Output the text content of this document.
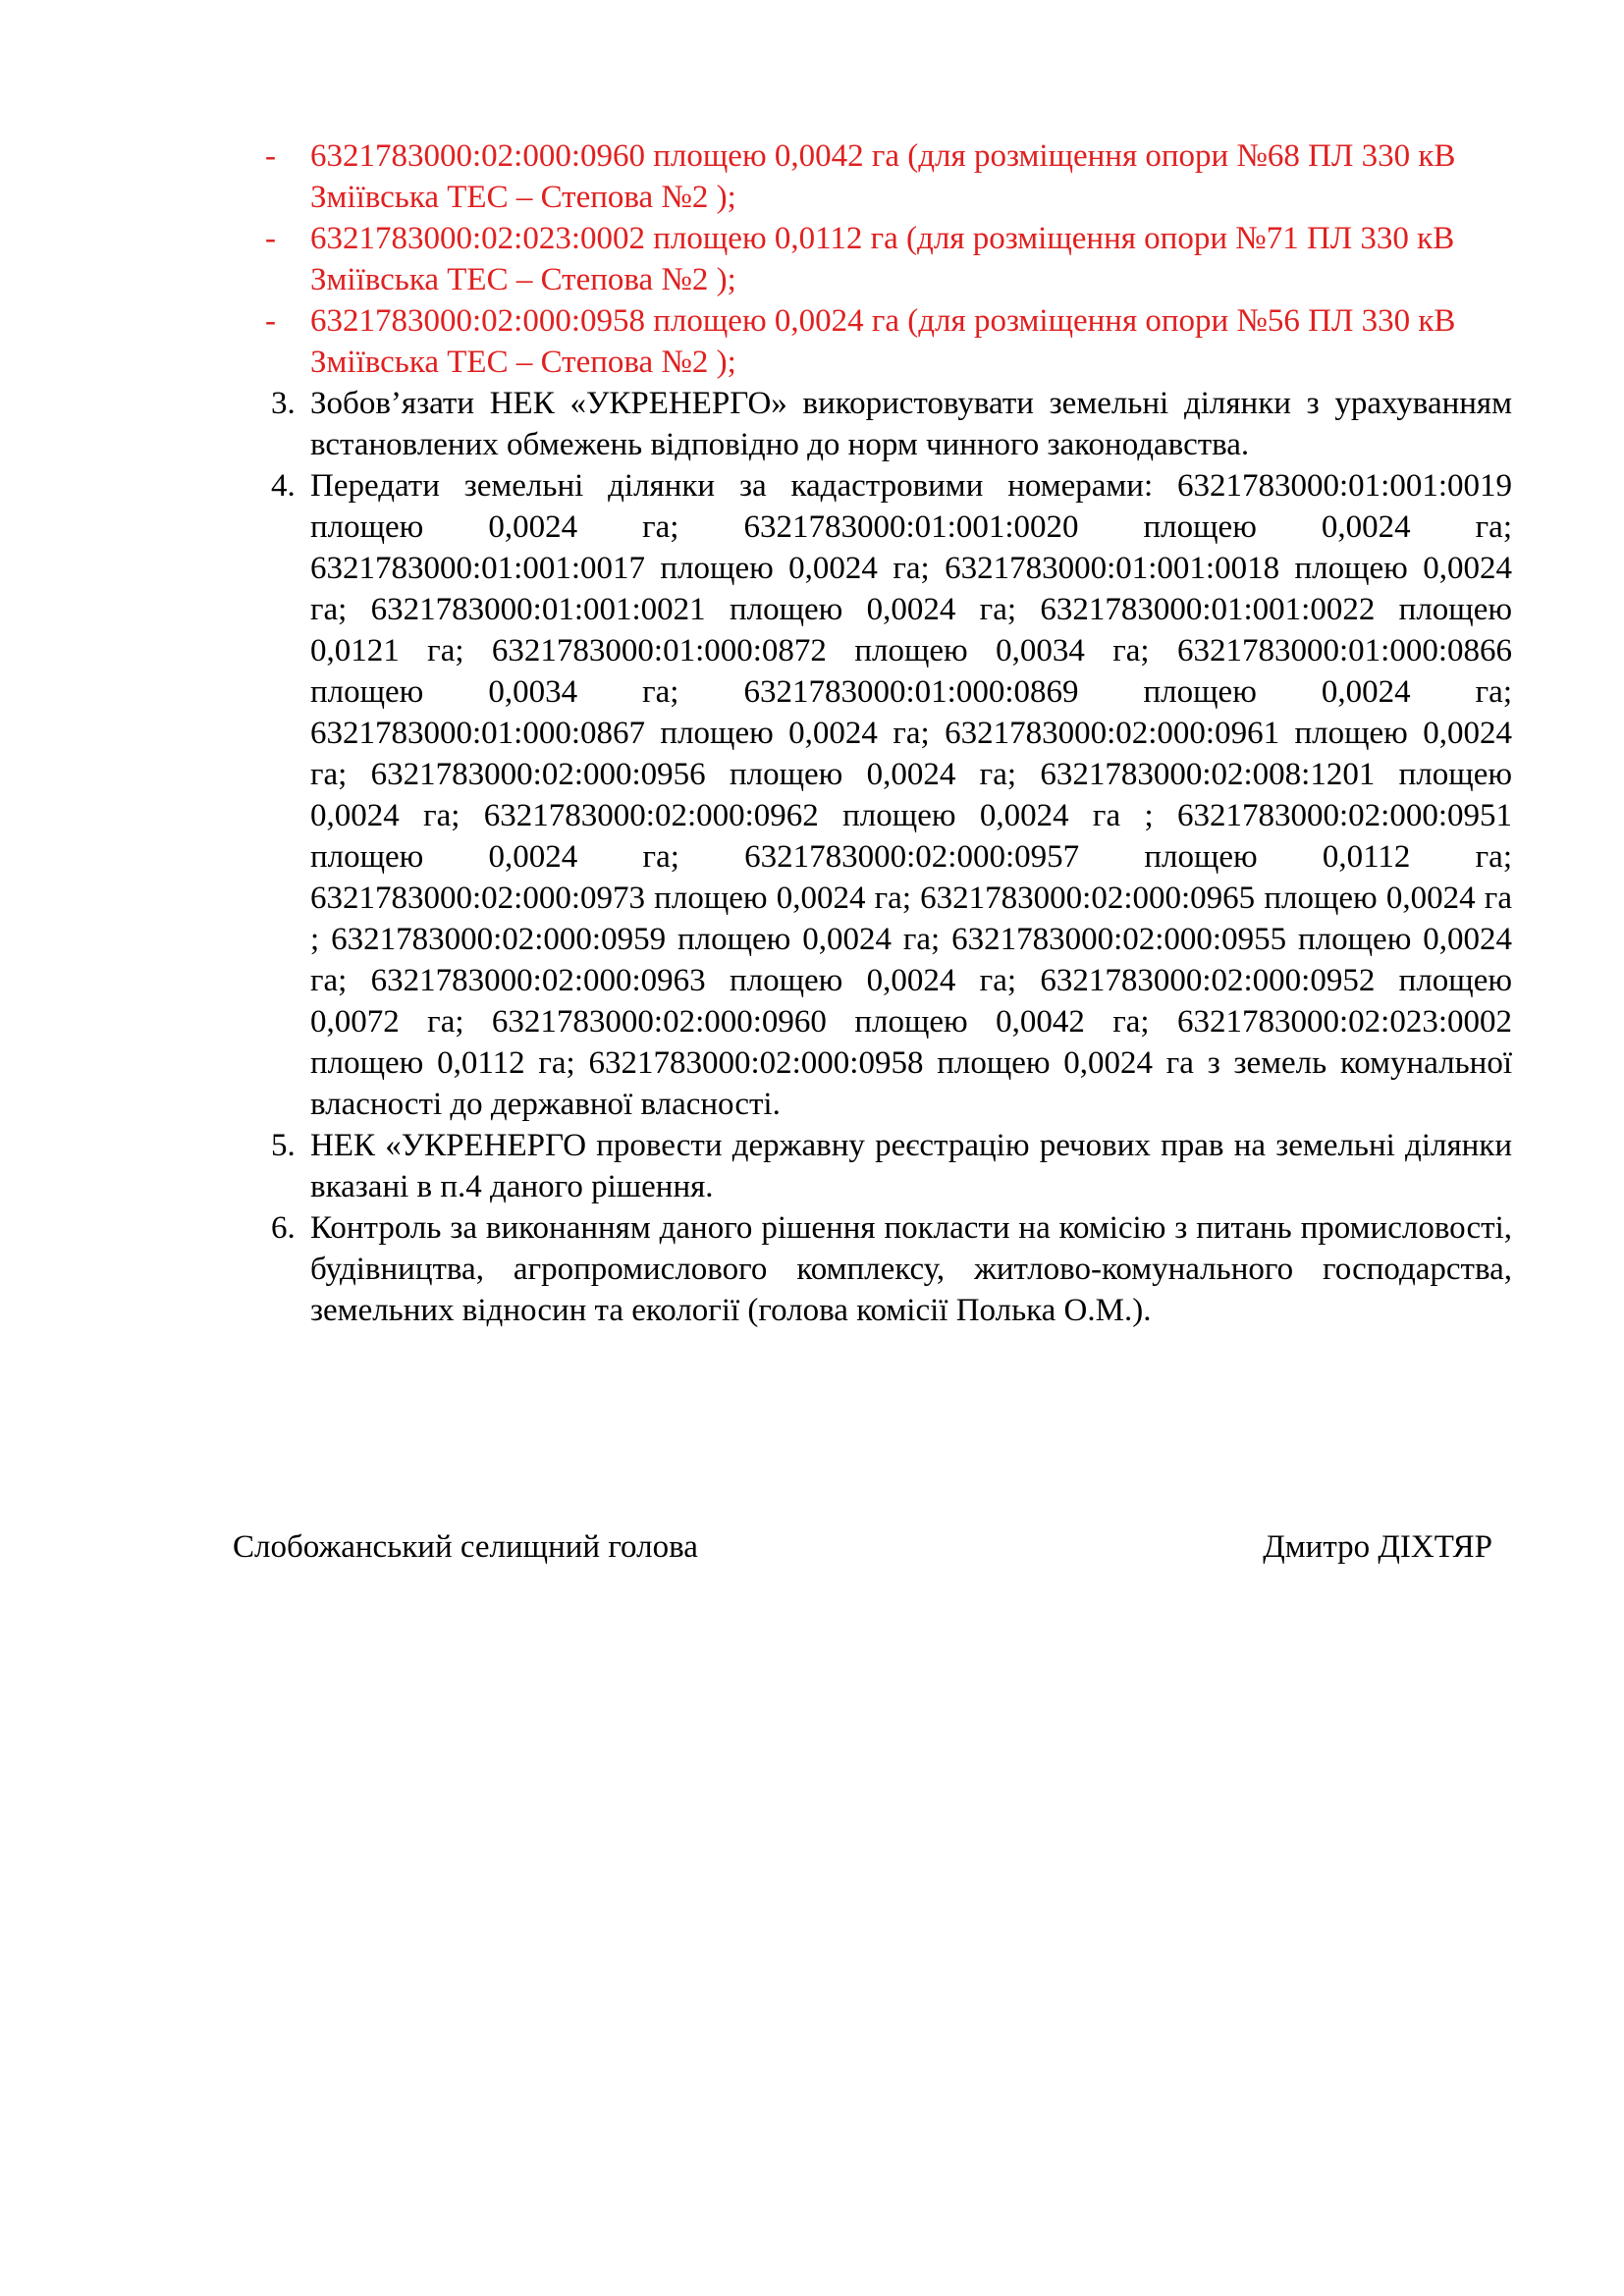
- 6321783000:02:000:0960 площею 0,0042 га (для розміщення опори №68 ПЛ 330 кВ Зміївська ТЕС – Степова №2 );
- 6321783000:02:023:0002 площею 0,0112 га (для розміщення опори №71 ПЛ 330 кВ Зміївська ТЕС – Степова №2 );
- 6321783000:02:000:0958 площею 0,0024 га (для розміщення опори №56 ПЛ 330 кВ Зміївська ТЕС – Степова №2 );
3. Зобов’язати НЕК «УКРЕНЕРГО» використовувати земельні ділянки з урахуванням встановлених обмежень відповідно до норм чинного законодавства.
4. Передати земельні ділянки за кадастровими номерами: 6321783000:01:001:0019 площею 0,0024 га; 6321783000:01:001:0020 площею 0,0024 га; 6321783000:01:001:0017 площею 0,0024 га; 6321783000:01:001:0018 площею 0,0024 га; 6321783000:01:001:0021 площею 0,0024 га; 6321783000:01:001:0022 площею 0,0121 га; 6321783000:01:000:0872 площею 0,0034 га; 6321783000:01:000:0866 площею 0,0034 га; 6321783000:01:000:0869 площею 0,0024 га; 6321783000:01:000:0867 площею 0,0024 га; 6321783000:02:000:0961 площею 0,0024 га; 6321783000:02:000:0956 площею 0,0024 га; 6321783000:02:008:1201 площею 0,0024 га; 6321783000:02:000:0962 площею 0,0024 га ; 6321783000:02:000:0951 площею 0,0024 га; 6321783000:02:000:0957 площею 0,0112 га; 6321783000:02:000:0973 площею 0,0024 га; 6321783000:02:000:0965 площею 0,0024 га ; 6321783000:02:000:0959 площею 0,0024 га; 6321783000:02:000:0955 площею 0,0024 га; 6321783000:02:000:0963 площею 0,0024 га; 6321783000:02:000:0952 площею 0,0072 га; 6321783000:02:000:0960 площею 0,0042 га; 6321783000:02:023:0002 площею 0,0112 га; 6321783000:02:000:0958 площею 0,0024 га з земель комунальної власності до державної власності.
5. НЕК «УКРЕНЕРГО провести державну реєстрацію речових прав на земельні ділянки вказані в п.4 даного рішення.
6. Контроль за виконанням даного рішення покласти на комісію з питань промисловості, будівництва, агропромислового комплексу, житлово-комунального господарства, земельних відносин та екології (голова комісії Полька О.М.).
Слобожанський селищний голова	Дмитро ДІХТЯР
